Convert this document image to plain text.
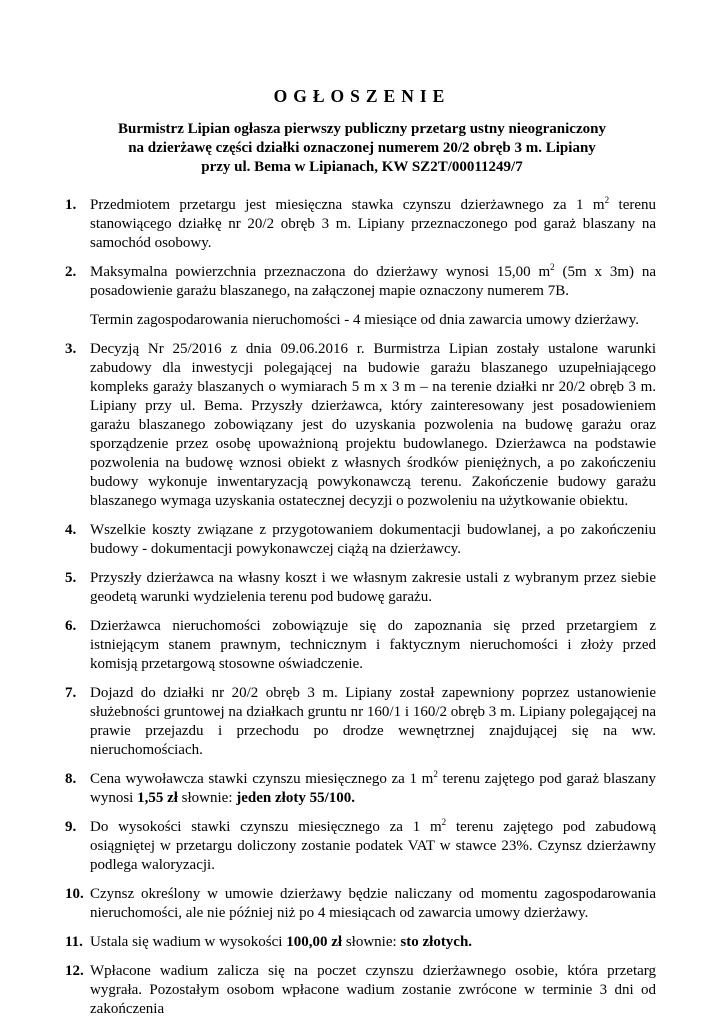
OGŁOSZENIE
Burmistrz Lipian ogłasza pierwszy publiczny przetarg ustny nieograniczony
na dzierżawę części działki oznaczonej numerem 20/2 obręb 3 m. Lipiany
przy ul. Bema w Lipianach, KW SZ2T/00011249/7
1. Przedmiotem przetargu jest miesięczna stawka czynszu dzierżawnego za 1 $m^2$ terenu stanowiącego działkę nr 20/2 obręb 3 m. Lipiany przeznaczonego pod garaż blaszany na samochód osobowy.
2. Maksymalna powierzchnia przeznaczona do dzierżawy wynosi 15,00 $m^2$ (5m x 3m) na posadowienie garażu blaszanego, na załączonej mapie oznaczony numerem 7B.
Termin zagospodarowania nieruchomości - 4 miesiące od dnia zawarcia umowy dzierżawy.
3. Decyzją Nr 25/2016 z dnia 09.06.2016 r. Burmistrza Lipian zostały ustalone warunki zabudowy dla inwestycji polegającej na budowie garażu blaszanego uzupełniającego kompleks garaży blaszanych o wymiarach 5 m x 3 m – na terenie działki nr 20/2 obręb 3 m. Lipiany przy ul. Bema. Przyszły dzierżawca, który zainteresowany jest posadowieniem garażu blaszanego zobowiązany jest do uzyskania pozwolenia na budowę garażu oraz sporządzenie przez osobę upoważnioną projektu budowlanego. Dzierżawca na podstawie pozwolenia na budowę wznosi obiekt z własnych środków pieniężnych, a po zakończeniu budowy wykonuje inwentaryzacją powykonawczą terenu. Zakończenie budowy garażu blaszanego wymaga uzyskania ostatecznej decyzji o pozwoleniu na użytkowanie obiektu.
4. Wszelkie koszty związane z przygotowaniem dokumentacji budowlanej, a po zakończeniu budowy - dokumentacji powykonawczej ciążą na dzierżawcy.
5. Przyszły dzierżawca na własny koszt i we własnym zakresie ustali z wybranym przez siebie geodetą warunki wydzielenia terenu pod budowę garażu.
6. Dzierżawca nieruchomości zobowiązuje się do zapoznania się przed przetargiem z istniejącym stanem prawnym, technicznym i faktycznym nieruchomości i złoży przed komisją przetargową stosowne oświadczenie.
7. Dojazd do działki nr 20/2 obręb 3 m. Lipiany został zapewniony poprzez ustanowienie służebności gruntowej na działkach gruntu nr 160/1 i 160/2 obręb 3 m. Lipiany polegającej na prawie przejazdu i przechodu po drodze wewnętrznej znajdującej się na ww. nieruchomościach.
8. Cena wywoławcza stawki czynszu miesięcznego za 1 $m^2$ terenu zajętego pod garaż blaszany wynosi 1,55 zł słownie: jeden złoty 55/100.
9. Do wysokości stawki czynszu miesięcznego za 1 $m^2$ terenu zajętego pod zabudową osiągniętej w przetargu doliczony zostanie podatek VAT w stawce 23%. Czynsz dzierżawny podlega waloryzacji.
10. Czynsz określony w umowie dzierżawy będzie naliczany od momentu zagospodarowania nieruchomości, ale nie później niż po 4 miesiącach od zawarcia umowy dzierżawy.
11. Ustala się wadium w wysokości 100,00 zł słownie: sto złotych.
12. Wpłacone wadium zalicza się na poczet czynszu dzierżawnego osobie, która przetarg wygrała. Pozostałym osobom wpłacone wadium zostanie zwrócone w terminie 3 dni od zakończenia
